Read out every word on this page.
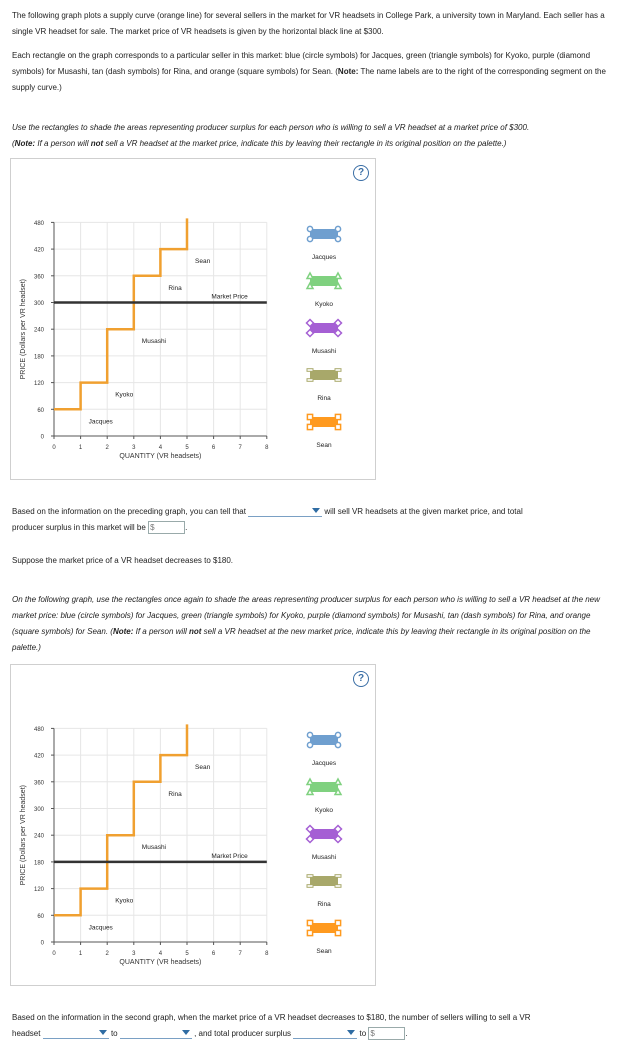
The following graph plots a supply curve (orange line) for several sellers in the market for VR headsets in College Park, a university town in Maryland. Each seller has a single VR headset for sale. The market price of VR headsets is given by the horizontal black line at $300.

Each rectangle on the graph corresponds to a particular seller in this market: blue (circle symbols) for Jacques, green (triangle symbols) for Kyoko, purple (diamond symbols) for Musashi, tan (dash symbols) for Rina, and orange (square symbols) for Sean. (Note: The name labels are to the right of the corresponding segment on the supply curve.)

Use the rectangles to shade the areas representing producer surplus for each person who is willing to sell a VR headset at a market price of $300.
(Note: If a person will not sell a VR headset at the market price, indicate this by leaving their rectangle in its original position on the palette.)

?
0
60
120
180
240
300
360
420
480
0	1	2	3	4	5	6	7	8
QUANTITY (VR headsets)
PRICE (Dollars per VR headset)
Jacques
Kyoko
Musashi
Rina
Sean
Market Price
Jacques
Kyoko
Musashi
Rina
Sean

Based on the information on the preceding graph, you can tell that	will sell VR headsets at the given market price, and total
producer surplus in this market will be $	.

Suppose the market price of a VR headset decreases to $180.

On the following graph, use the rectangles once again to shade the areas representing producer surplus for each person who is willing to sell a VR headset at the new market price: blue (circle symbols) for Jacques, green (triangle symbols) for Kyoko, purple (diamond symbols) for Musashi, tan (dash symbols) for Rina, and orange (square symbols) for Sean. (Note: If a person will not sell a VR headset at the new market price, indicate this by leaving their rectangle in its original position on the palette.)

?
0
60
120
180
240
300
360
420
480
0	1	2	3	4	5	6	7	8
QUANTITY (VR headsets)
PRICE (Dollars per VR headset)
Jacques
Kyoko
Musashi
Rina
Sean
Market Price
Jacques
Kyoko
Musashi
Rina
Sean

Based on the information in the second graph, when the market price of a VR headset decreases to $180, the number of sellers willing to sell a VR
headset	to	, and total producer surplus	to $	.
